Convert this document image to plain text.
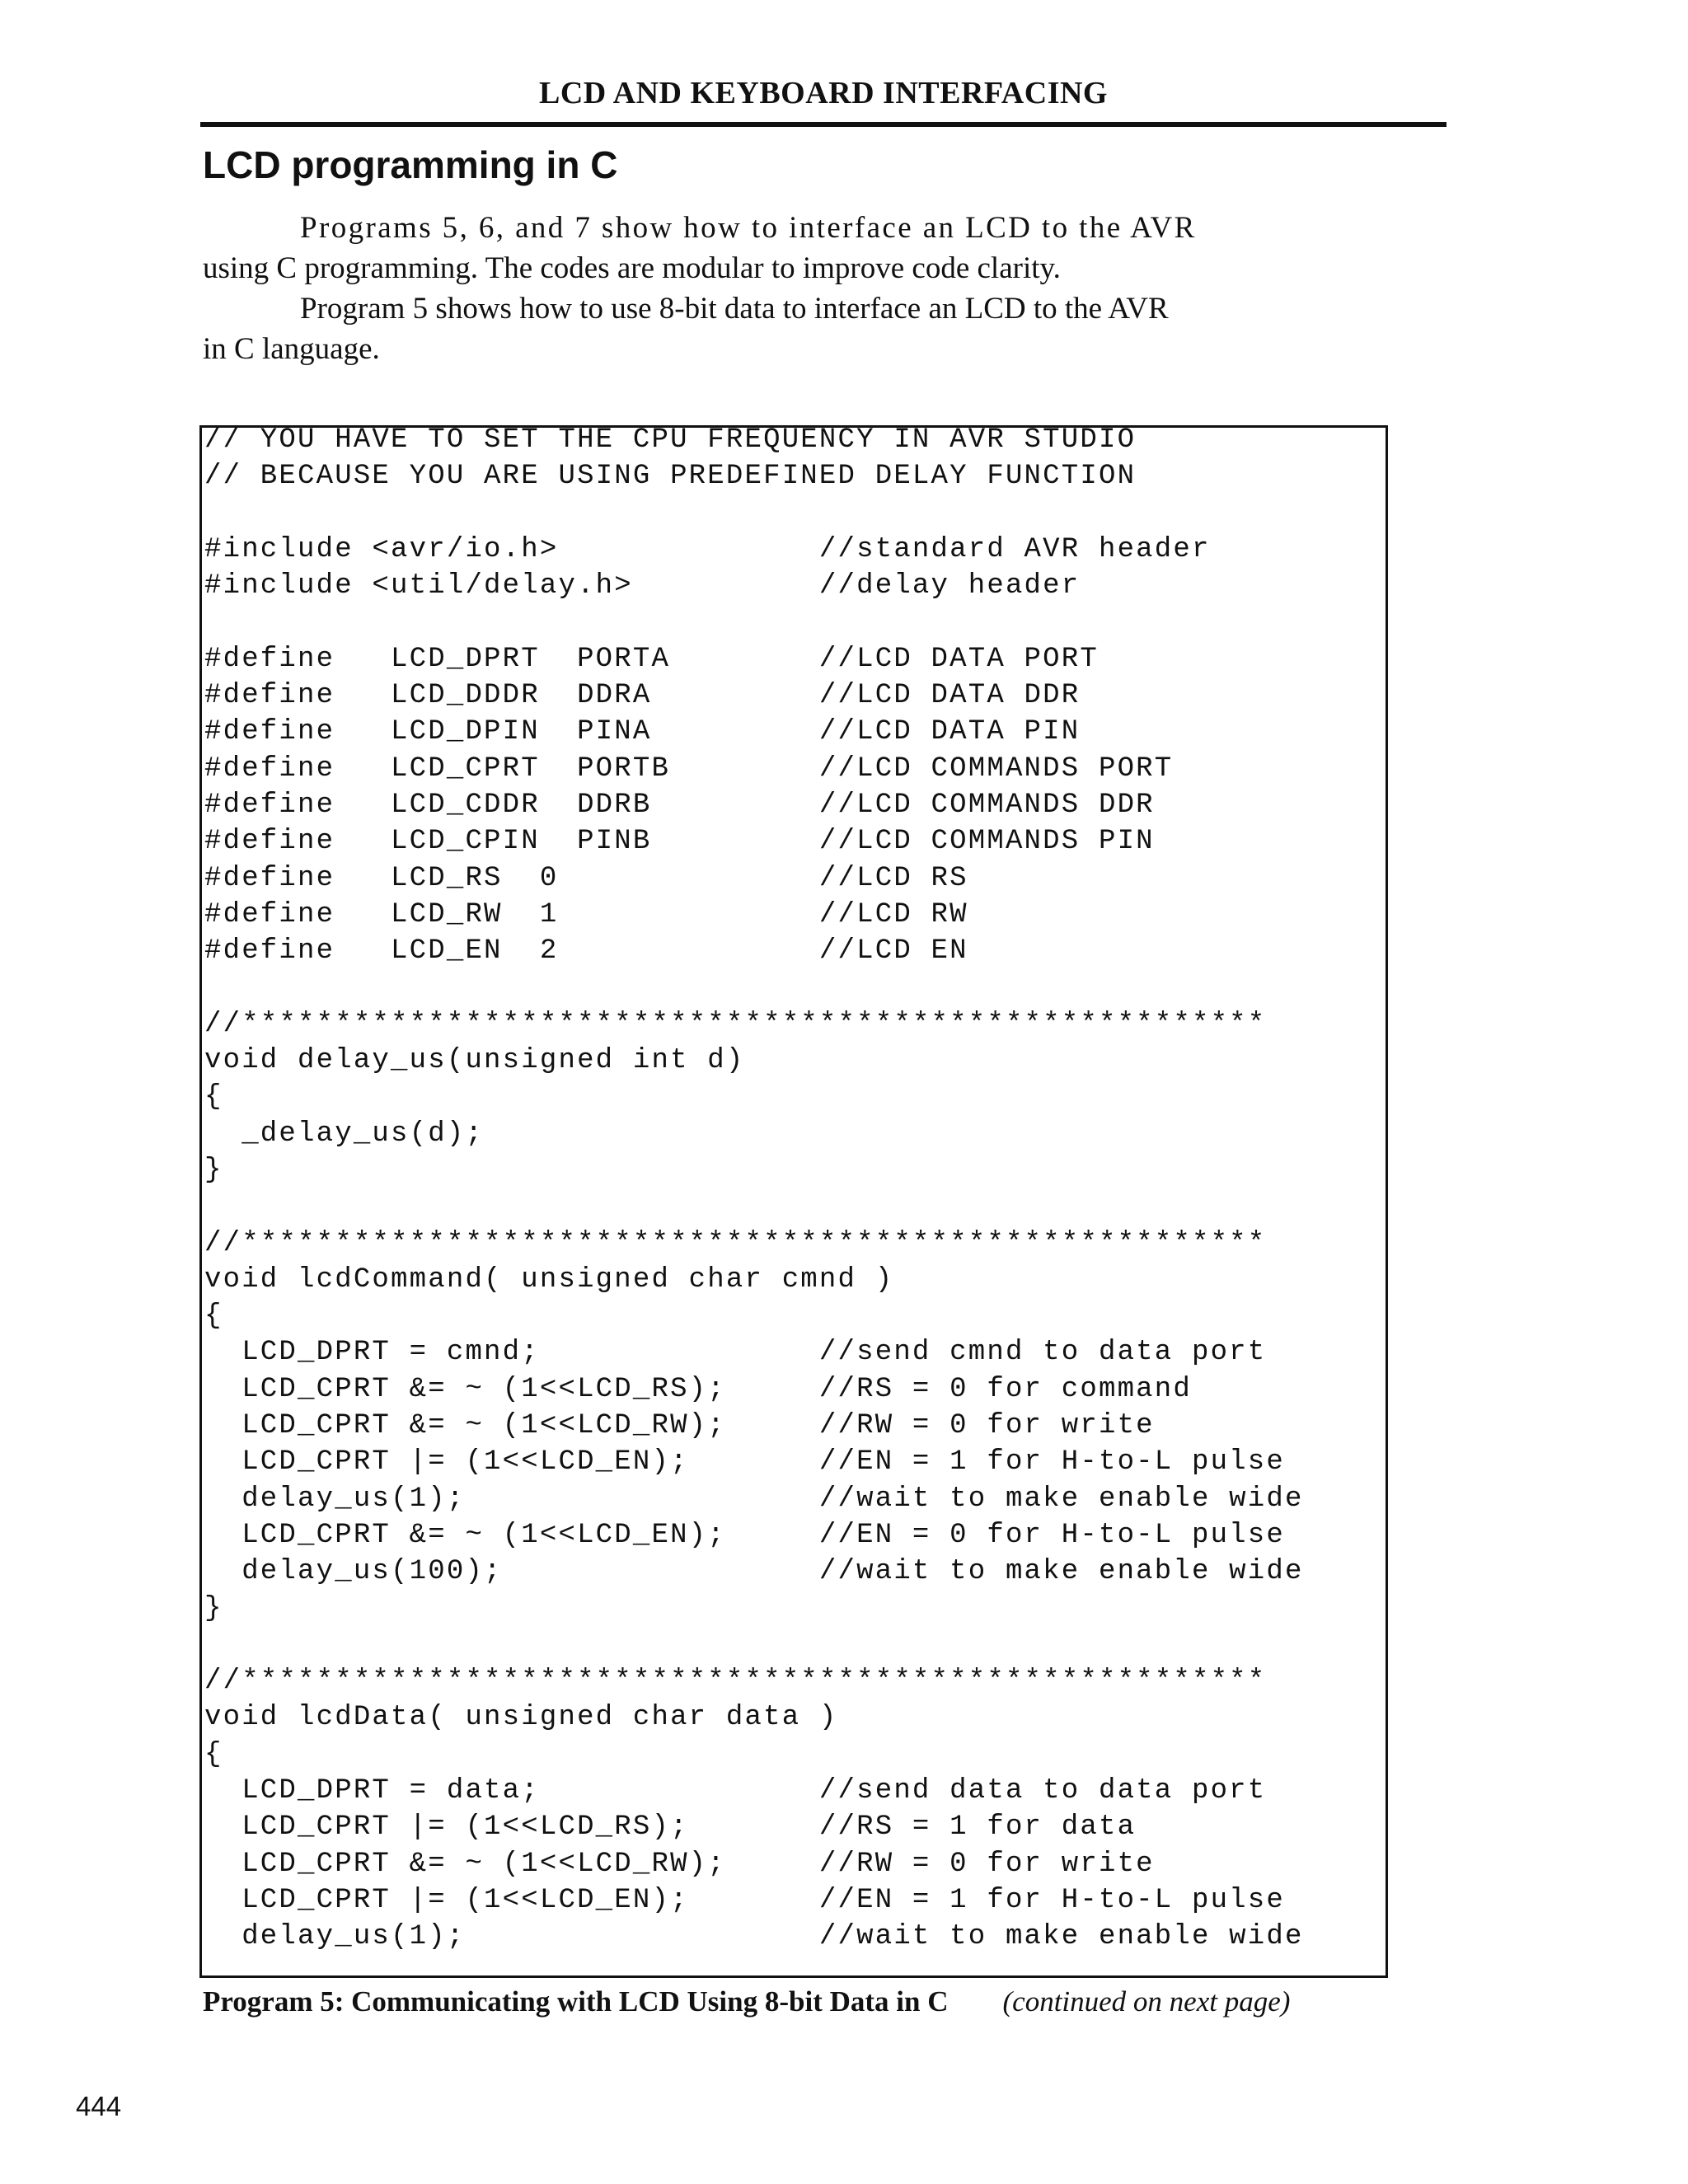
LCD AND KEYBOARD INTERFACING
LCD programming in C

Programs 5, 6, and 7 show how to interface an LCD to the AVR
using C programming. The codes are modular to improve code clarity.

Program 5 shows how to use 8-bit data to interface an LCD to the AVR
in C language.

// YOU HAVE TO SET THE CPU FREQUENCY IN AVR STUDIO
// BECAUSE YOU ARE USING PREDEFINED DELAY FUNCTION
#include <avr/io.h>              //standard AVR header
#include <util/delay.h>          //delay header
#define   LCD_DPRT  PORTA        //LCD DATA PORT
#define   LCD_DDDR  DDRA         //LCD DATA DDR
#define   LCD_DPIN  PINA         //LCD DATA PIN
#define   LCD_CPRT  PORTB        //LCD COMMANDS PORT
#define   LCD_CDDR  DDRB         //LCD COMMANDS DDR
#define   LCD_CPIN  PINB         //LCD COMMANDS PIN
#define   LCD_RS  0              //LCD RS
#define   LCD_RW  1              //LCD RW
#define   LCD_EN  2              //LCD EN
//*******************************************************
void delay_us(unsigned int d)
{
_delay_us(d);
}
//*******************************************************
void lcdCommand( unsigned char cmnd )
{
LCD_DPRT = cmnd;               //send cmnd to data port
LCD_CPRT &= ~ (1<<LCD_RS);     //RS = 0 for command
LCD_CPRT &= ~ (1<<LCD_RW);     //RW = 0 for write
LCD_CPRT |= (1<<LCD_EN);       //EN = 1 for H-to-L pulse
delay_us(1);                   //wait to make enable wide
LCD_CPRT &= ~ (1<<LCD_EN);     //EN = 0 for H-to-L pulse
delay_us(100);                 //wait to make enable wide
}
//*******************************************************
void lcdData( unsigned char data )
{
LCD_DPRT = data;               //send data to data port
LCD_CPRT |= (1<<LCD_RS);       //RS = 1 for data
LCD_CPRT &= ~ (1<<LCD_RW);     //RW = 0 for write
LCD_CPRT |= (1<<LCD_EN);       //EN = 1 for H-to-L pulse
delay_us(1);                   //wait to make enable wide
Program 5: Communicating with LCD Using 8-bit Data in C (continued on next page)
444
